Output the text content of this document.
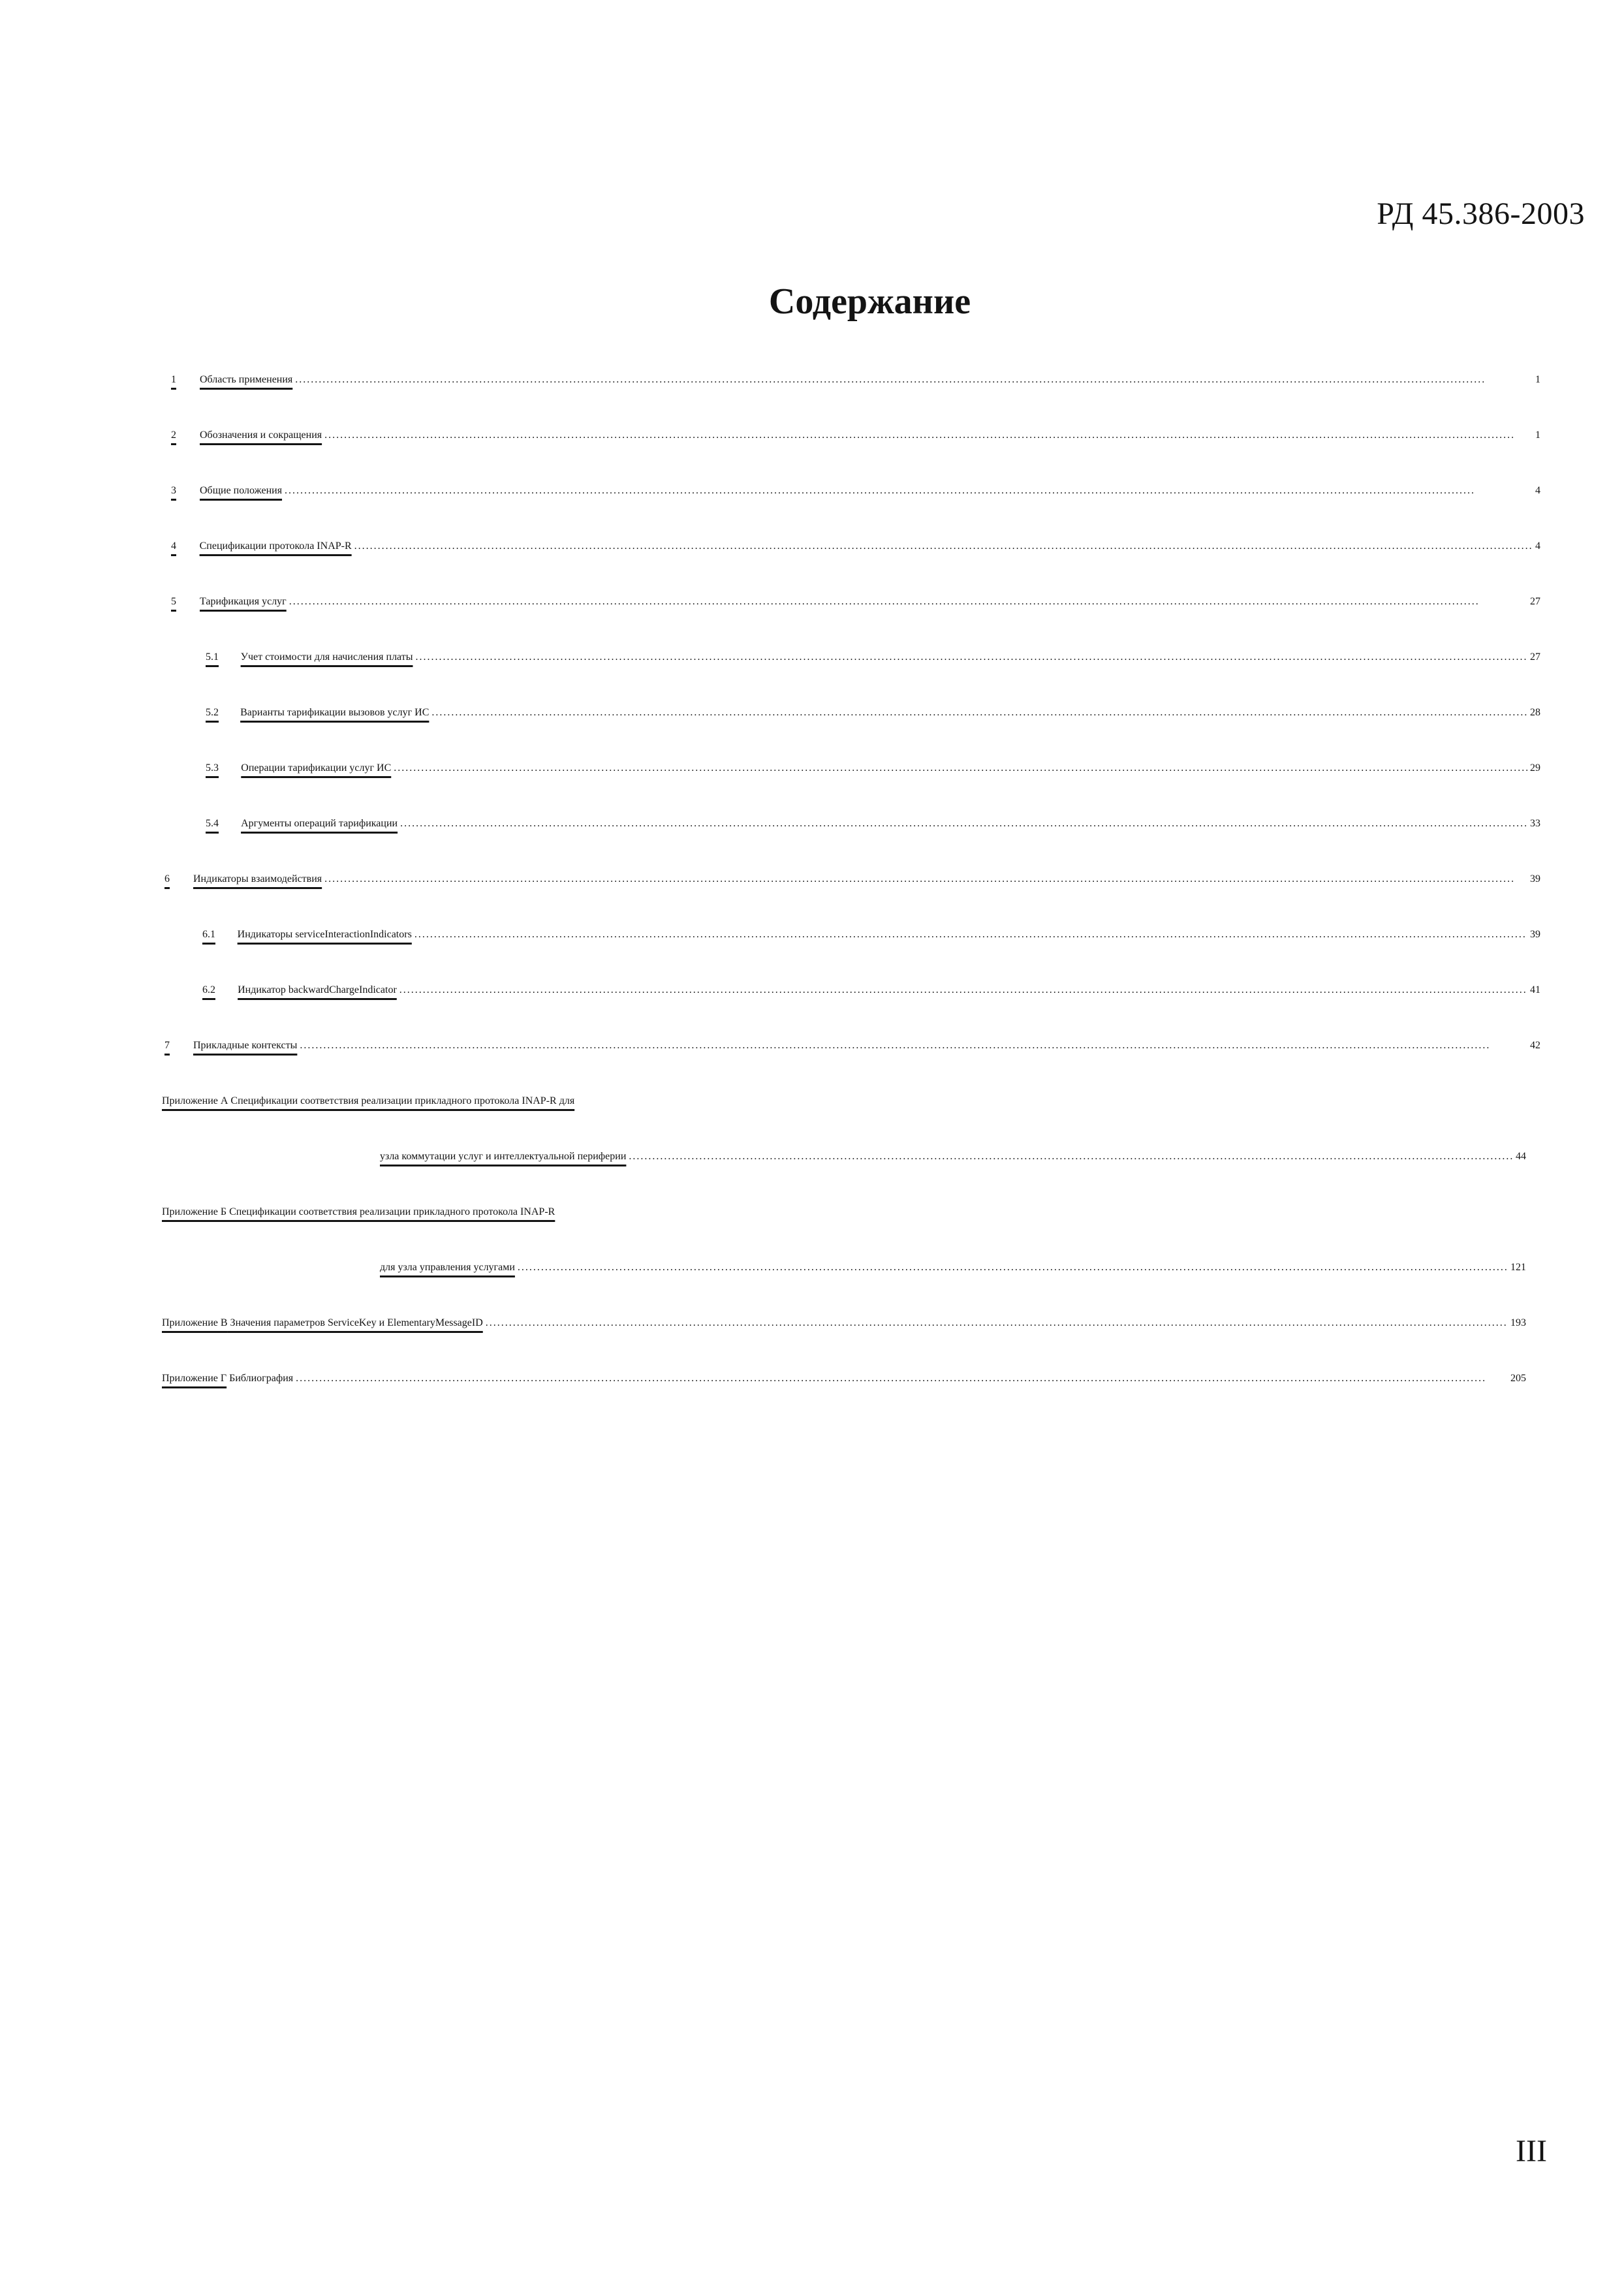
РД 45.386-2003
Содержание
1 Область применения .....	1
2 Обозначения и сокращения .....	1
3 Общие положения .....	4
4 Спецификации протокола INAP-R .....	4
5 Тарификация услуг .....	27
5.1 Учет стоимости для начисления платы .....	27
5.2 Варианты тарификации вызовов услуг ИС .....	28
5.3 Операции тарификации услуг ИС .....	29
5.4 Аргументы операций тарификации .....	33
6 Индикаторы взаимодействия .....	39
6.1 Индикаторы serviceInteractionIndicators .....	39
6.2 Индикатор backwardChargeIndicator .....	41
7 Прикладные контексты .....	42
Приложение А Спецификации соответствия реализации прикладного протокола INAP-R для
узла коммутации услуг и интеллектуальной периферии .....	44
Приложение Б Спецификации соответствия реализации прикладного протокола INAP-R
для узла управления услугами .....	121
Приложение В Значения параметров ServiceKey и ElementaryMessageID .....	193
Приложение Г Библиография .....	205
III
